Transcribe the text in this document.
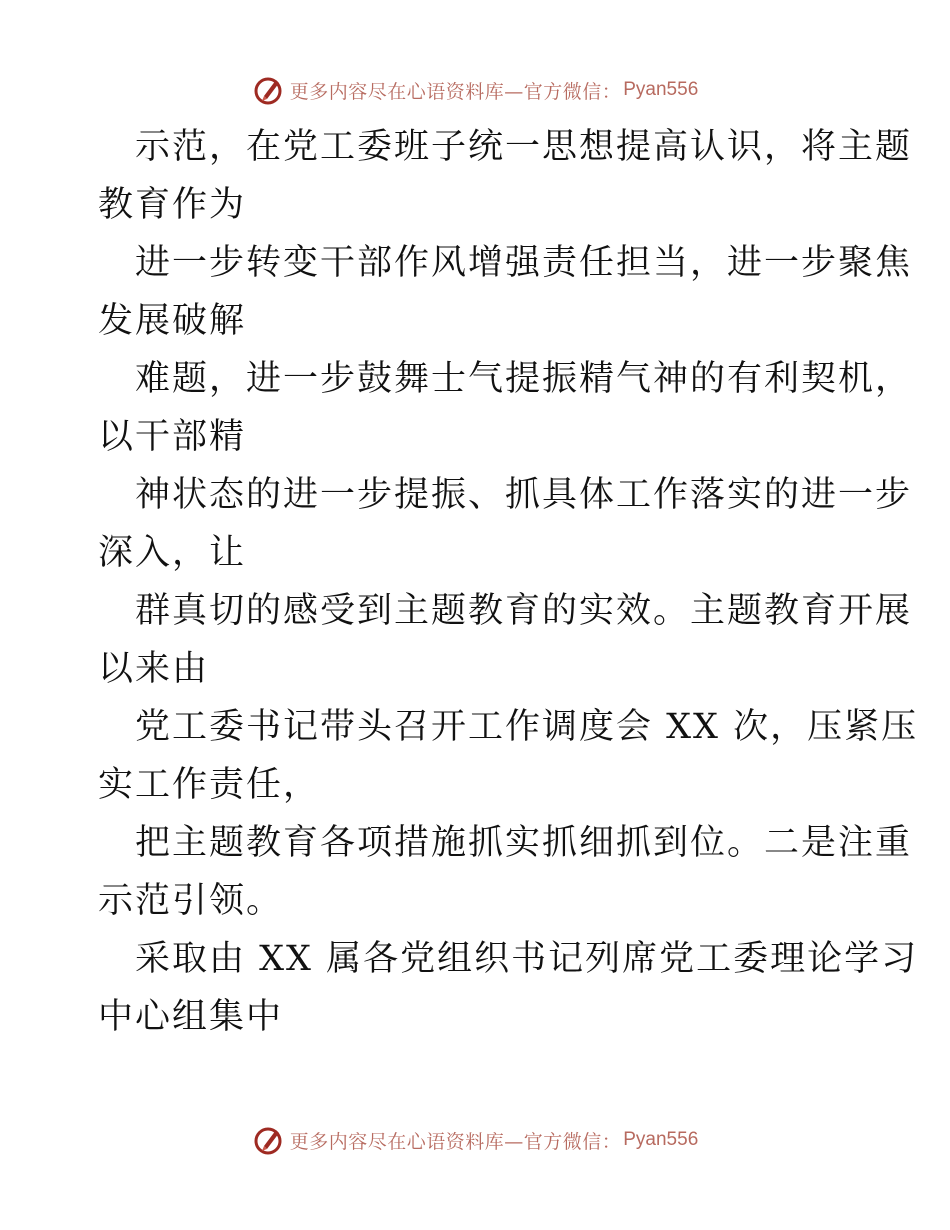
更多内容尽在心语资料库—官方微信： Pyan556
示范，在党工委班子统一思想提高认识，将主题
教育作为
进一步转变干部作风增强责任担当，进一步聚焦
发展破解
难题，进一步鼓舞士气提振精气神的有利契机，
以干部精
神状态的进一步提振、抓具体工作落实的进一步
深入，让
群真切的感受到主题教育的实效。主题教育开展
以来由
党工委书记带头召开工作调度会 XX 次，压紧压
实工作责任，
把主题教育各项措施抓实抓细抓到位。二是注重
示范引领。
采取由 XX 属各党组织书记列席党工委理论学习
中心组集中
更多内容尽在心语资料库—官方微信： Pyan556
